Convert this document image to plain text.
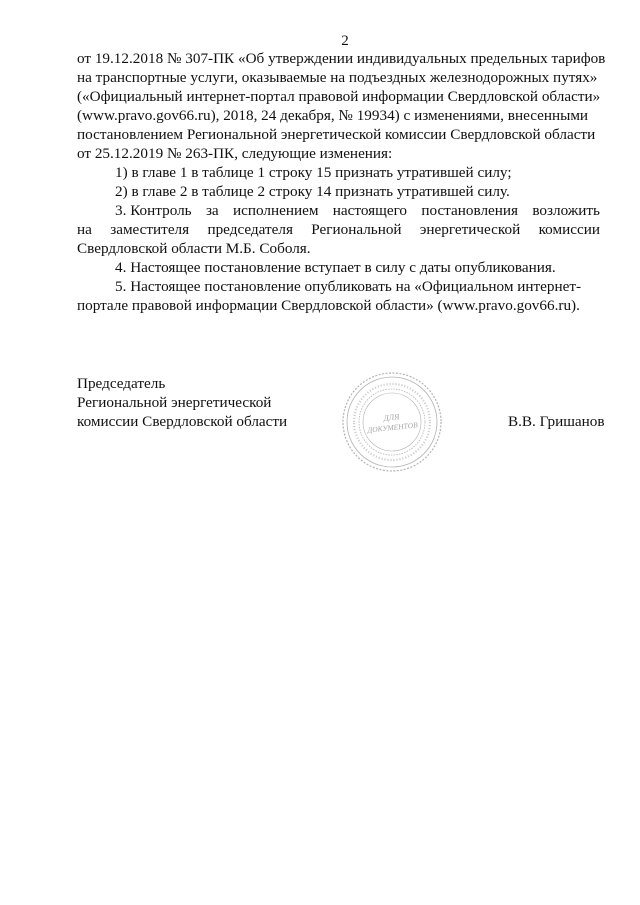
2
от 19.12.2018 № 307-ПК «Об утверждении индивидуальных предельных тарифов
на транспортные услуги, оказываемые на подъездных железнодорожных путях»
(«Официальный интернет-портал правовой информации Свердловской области»
(www.pravo.gov66.ru), 2018, 24 декабря, № 19934) с изменениями, внесенными
постановлением Региональной энергетической комиссии Свердловской области
от 25.12.2019 № 263-ПК, следующие изменения:
1) в главе 1 в таблице 1 строку 15 признать утратившей силу;
2) в главе 2 в таблице 2 строку 14 признать утратившей силу.
3. Контроль за исполнением настоящего постановления возложить
на заместителя председателя Региональной энергетической комиссии
Свердловской области М.Б. Соболя.
4. Настоящее постановление вступает в силу с даты опубликования.
5. Настоящее постановление опубликовать на «Официальном интернет-
портале правовой информации Свердловской области» (www.pravo.gov66.ru).
Председатель
Региональной энергетической
комиссии Свердловской области	В.В. Гришанов
ДЛЯ
ДОКУМЕНТОВ
